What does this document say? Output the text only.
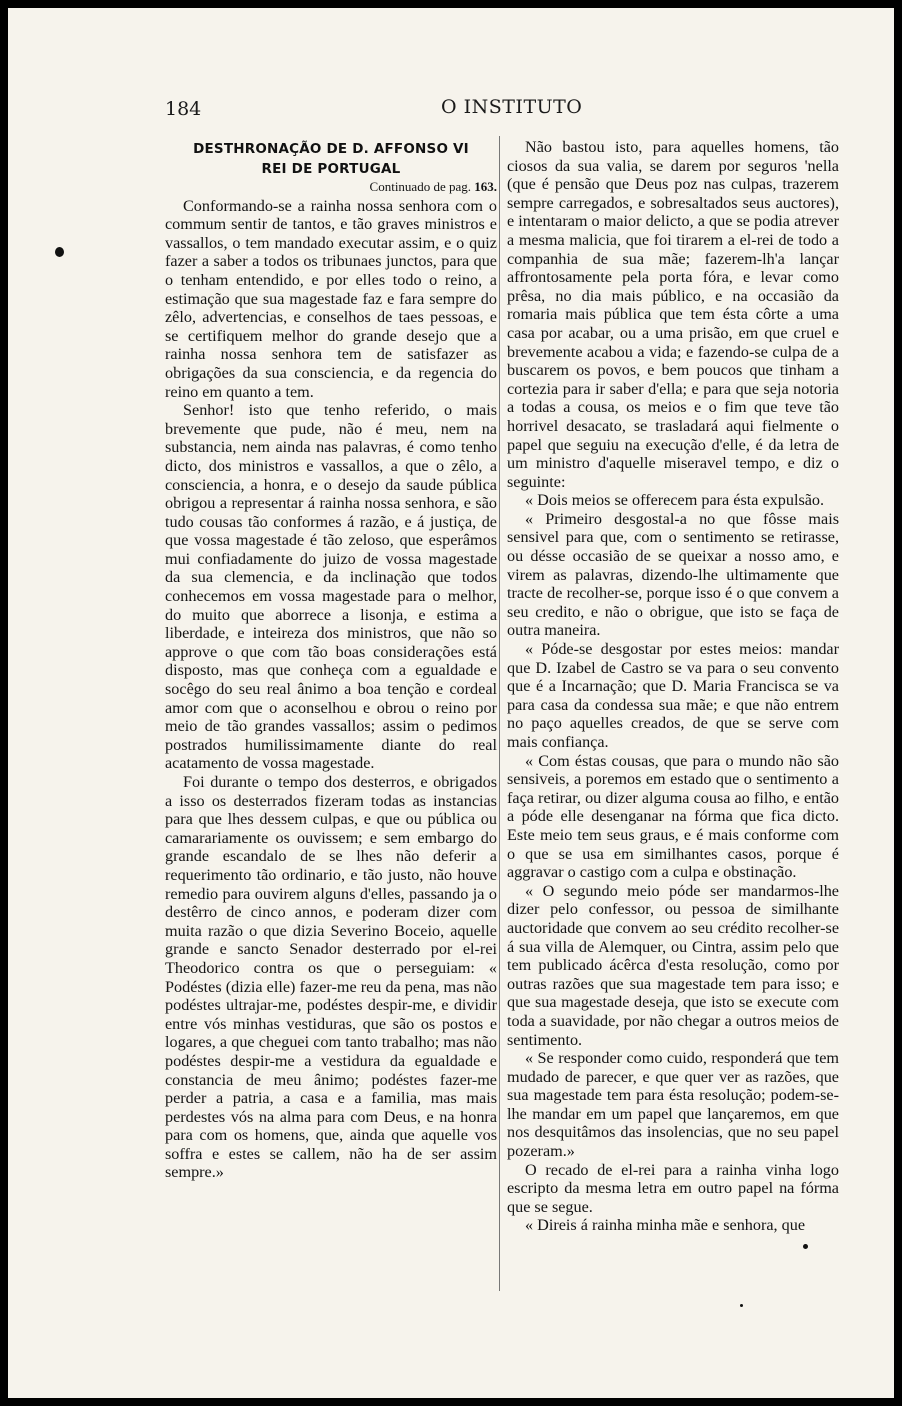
184	O INSTITUTO
DESTHRONAÇÃO DE D. AFFONSO VI
REI DE PORTUGAL

Continuado de pag. 163.

Conformando-se a rainha nossa senhora com o commum sentir de tantos, e tão graves ministros e vassallos, o tem mandado executar assim, e o quiz fazer a saber a todos os tribunaes junctos, para que o tenham entendido, e por elles todo o reino, a estimação que sua magestade faz e fara sempre do zêlo, advertencias, e conselhos de taes pessoas, e se certifiquem melhor do grande desejo que a rainha nossa senhora tem de satisfazer as obrigações da sua consciencia, e da regencia do reino em quanto a tem.

Senhor! isto que tenho referido, o mais brevemente que pude, não é meu, nem na substancia, nem ainda nas palavras, é como tenho dicto, dos ministros e vassallos, a que o zêlo, a consciencia, a honra, e o desejo da saude pública obrigou a representar á rainha nossa senhora, e são tudo cousas tão conformes á razão, e á justiça, de que vossa magestade é tão zeloso, que esperâmos mui confiadamente do juizo de vossa magestade da sua clemencia, e da inclinação que todos conhecemos em vossa magestade para o melhor, do muito que aborrece a lisonja, e estima a liberdade, e inteireza dos ministros, que não so approve o que com tão boas considerações está disposto, mas que conheça com a egualdade e socêgo do seu real ânimo a boa tenção e cordeal amor com que o aconselhou e obrou o reino por meio de tão grandes vassallos; assim o pedimos postrados humilissimamente diante do real acatamento de vossa magestade.

Foi durante o tempo dos desterros, e obrigados a isso os desterrados fizeram todas as instancias para que lhes dessem culpas, e que ou pública ou camarariamente os ouvissem; e sem embargo do grande escandalo de se lhes não deferir a requerimento tão ordinario, e tão justo, não houve remedio para ouvirem alguns d'elles, passando ja o destêrro de cinco annos, e poderam dizer com muita razão o que dizia Severino Boceio, aquelle grande e sancto Senador desterrado por el-rei Theodorico contra os que o perseguiam: « Podéstes (dizia elle) fazer-me reu da pena, mas não podéstes ultrajar-me, podéstes despir-me, e dividir entre vós minhas vestiduras, que são os postos e logares, a que cheguei com tanto trabalho; mas não podéstes despir-me a vestidura da egualdade e constancia de meu ânimo; podéstes fazer-me perder a patria, a casa e a familia, mas mais perdestes vós na alma para com Deus, e na honra para com os homens, que, ainda que aquelle vos soffra e estes se callem, não ha de ser assim sempre.»

Não bastou isto, para aquelles homens, tão ciosos da sua valia, se darem por seguros 'nella (que é pensão que Deus poz nas culpas, trazerem sempre carregados, e sobresaltados seus auctores), e intentaram o maior delicto, a que se podia atrever a mesma malicia, que foi tirarem a el-rei de todo a companhia de sua mãe; fazerem-lh'a lançar affrontosamente pela porta fóra, e levar como prêsa, no dia mais público, e na occasião da romaria mais pública que tem ésta côrte a uma casa por acabar, ou a uma prisão, em que cruel e brevemente acabou a vida; e fazendo-se culpa de a buscarem os povos, e bem poucos que tinham a cortezia para ir saber d'ella; e para que seja notoria a todas a cousa, os meios e o fim que teve tão horrivel desacato, se trasladará aqui fielmente o papel que seguiu na execução d'elle, é da letra de um ministro d'aquelle miseravel tempo, e diz o seguinte:

« Dois meios se offerecem para ésta expulsão.

« Primeiro desgostal-a no que fôsse mais sensivel para que, com o sentimento se retirasse, ou désse occasião de se queixar a nosso amo, e virem as palavras, dizendo-lhe ultimamente que tracte de recolher-se, porque isso é o que convem a seu credito, e não o obrigue, que isto se faça de outra maneira.

« Póde-se desgostar por estes meios: mandar que D. Izabel de Castro se va para o seu convento que é a Incarnação; que D. Maria Francisca se va para casa da condessa sua mãe; e que não entrem no paço aquelles creados, de que se serve com mais confiança.

« Com éstas cousas, que para o mundo não são sensiveis, a poremos em estado que o sentimento a faça retirar, ou dizer alguma cousa ao filho, e então a póde elle desenganar na fórma que fica dicto. Este meio tem seus graus, e é mais conforme com o que se usa em similhantes casos, porque é aggravar o castigo com a culpa e obstinação.

« O segundo meio póde ser mandarmos-lhe dizer pelo confessor, ou pessoa de similhante auctoridade que convem ao seu crédito recolher-se á sua villa de Alemquer, ou Cintra, assim pelo que tem publicado ácêrca d'esta resolução, como por outras razões que sua magestade tem para isso; e que sua magestade deseja, que isto se execute com toda a suavidade, por não chegar a outros meios de sentimento.

« Se responder como cuido, responderá que tem mudado de parecer, e que quer ver as razões, que sua magestade tem para ésta resolução; podem-se-lhe mandar em um papel que lançaremos, em que nos desquitâmos das insolencias, que no seu papel pozeram.»

O recado de el-rei para a rainha vinha logo escripto da mesma letra em outro papel na fórma que se segue.

« Direis á rainha minha mãe e senhora, que
